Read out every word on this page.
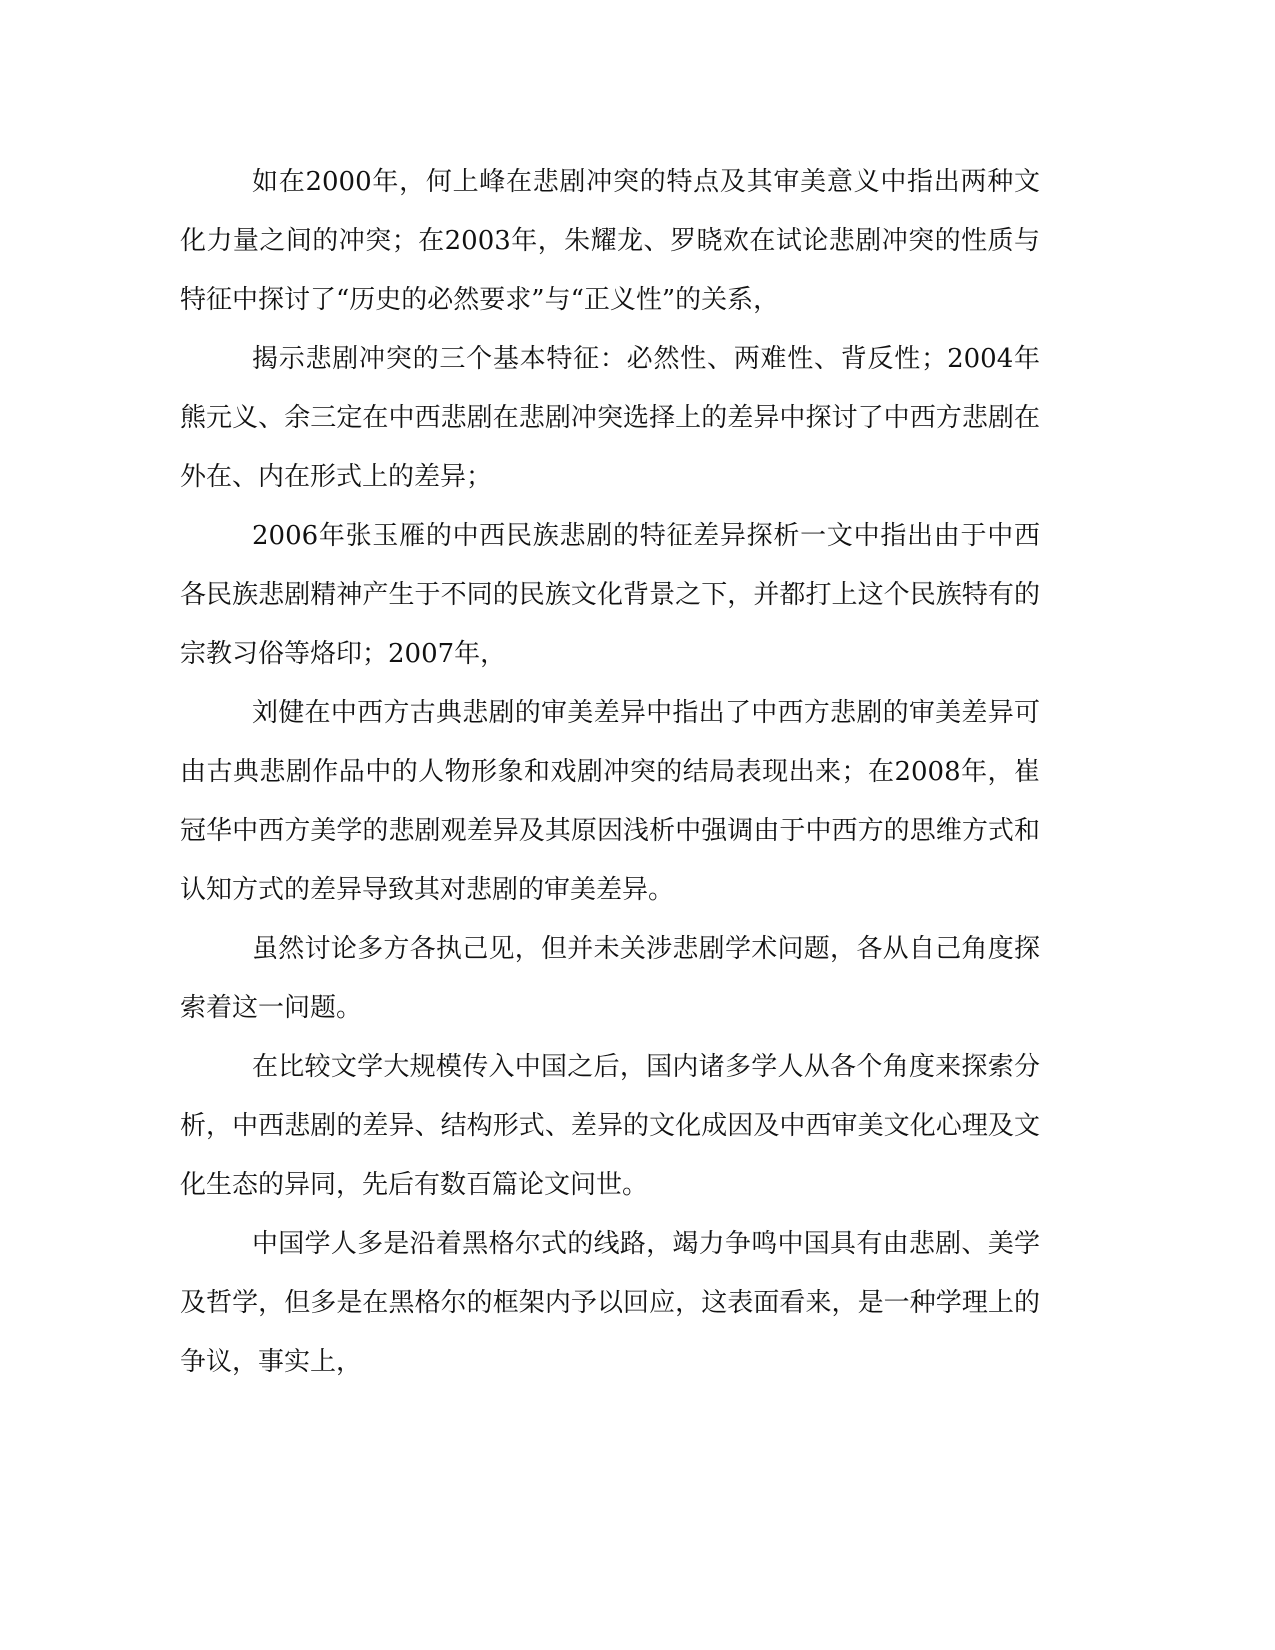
如在2000年，何上峰在悲剧冲突的特点及其审美意义中指出两种文化力量之间的冲突；在2003年，朱耀龙、罗晓欢在试论悲剧冲突的性质与特征中探讨了“历史的必然要求”与“正义性”的关系，

揭示悲剧冲突的三个基本特征：必然性、两难性、背反性；2004年熊元义、余三定在中西悲剧在悲剧冲突选择上的差异中探讨了中西方悲剧在外在、内在形式上的差异；

2006年张玉雁的中西民族悲剧的特征差异探析一文中指出由于中西各民族悲剧精神产生于不同的民族文化背景之下，并都打上这个民族特有的宗教习俗等烙印；2007年，

刘健在中西方古典悲剧的审美差异中指出了中西方悲剧的审美差异可由古典悲剧作品中的人物形象和戏剧冲突的结局表现出来；在2008年，崔冠华中西方美学的悲剧观差异及其原因浅析中强调由于中西方的思维方式和认知方式的差异导致其对悲剧的审美差异。

虽然讨论多方各执己见，但并未关涉悲剧学术问题，各从自己角度探索着这一问题。

在比较文学大规模传入中国之后，国内诸多学人从各个角度来探索分析，中西悲剧的差异、结构形式、差异的文化成因及中西审美文化心理及文化生态的异同，先后有数百篇论文问世。

中国学人多是沿着黑格尔式的线路，竭力争鸣中国具有由悲剧、美学及哲学，但多是在黑格尔的框架内予以回应，这表面看来，是一种学理上的争议，事实上，
